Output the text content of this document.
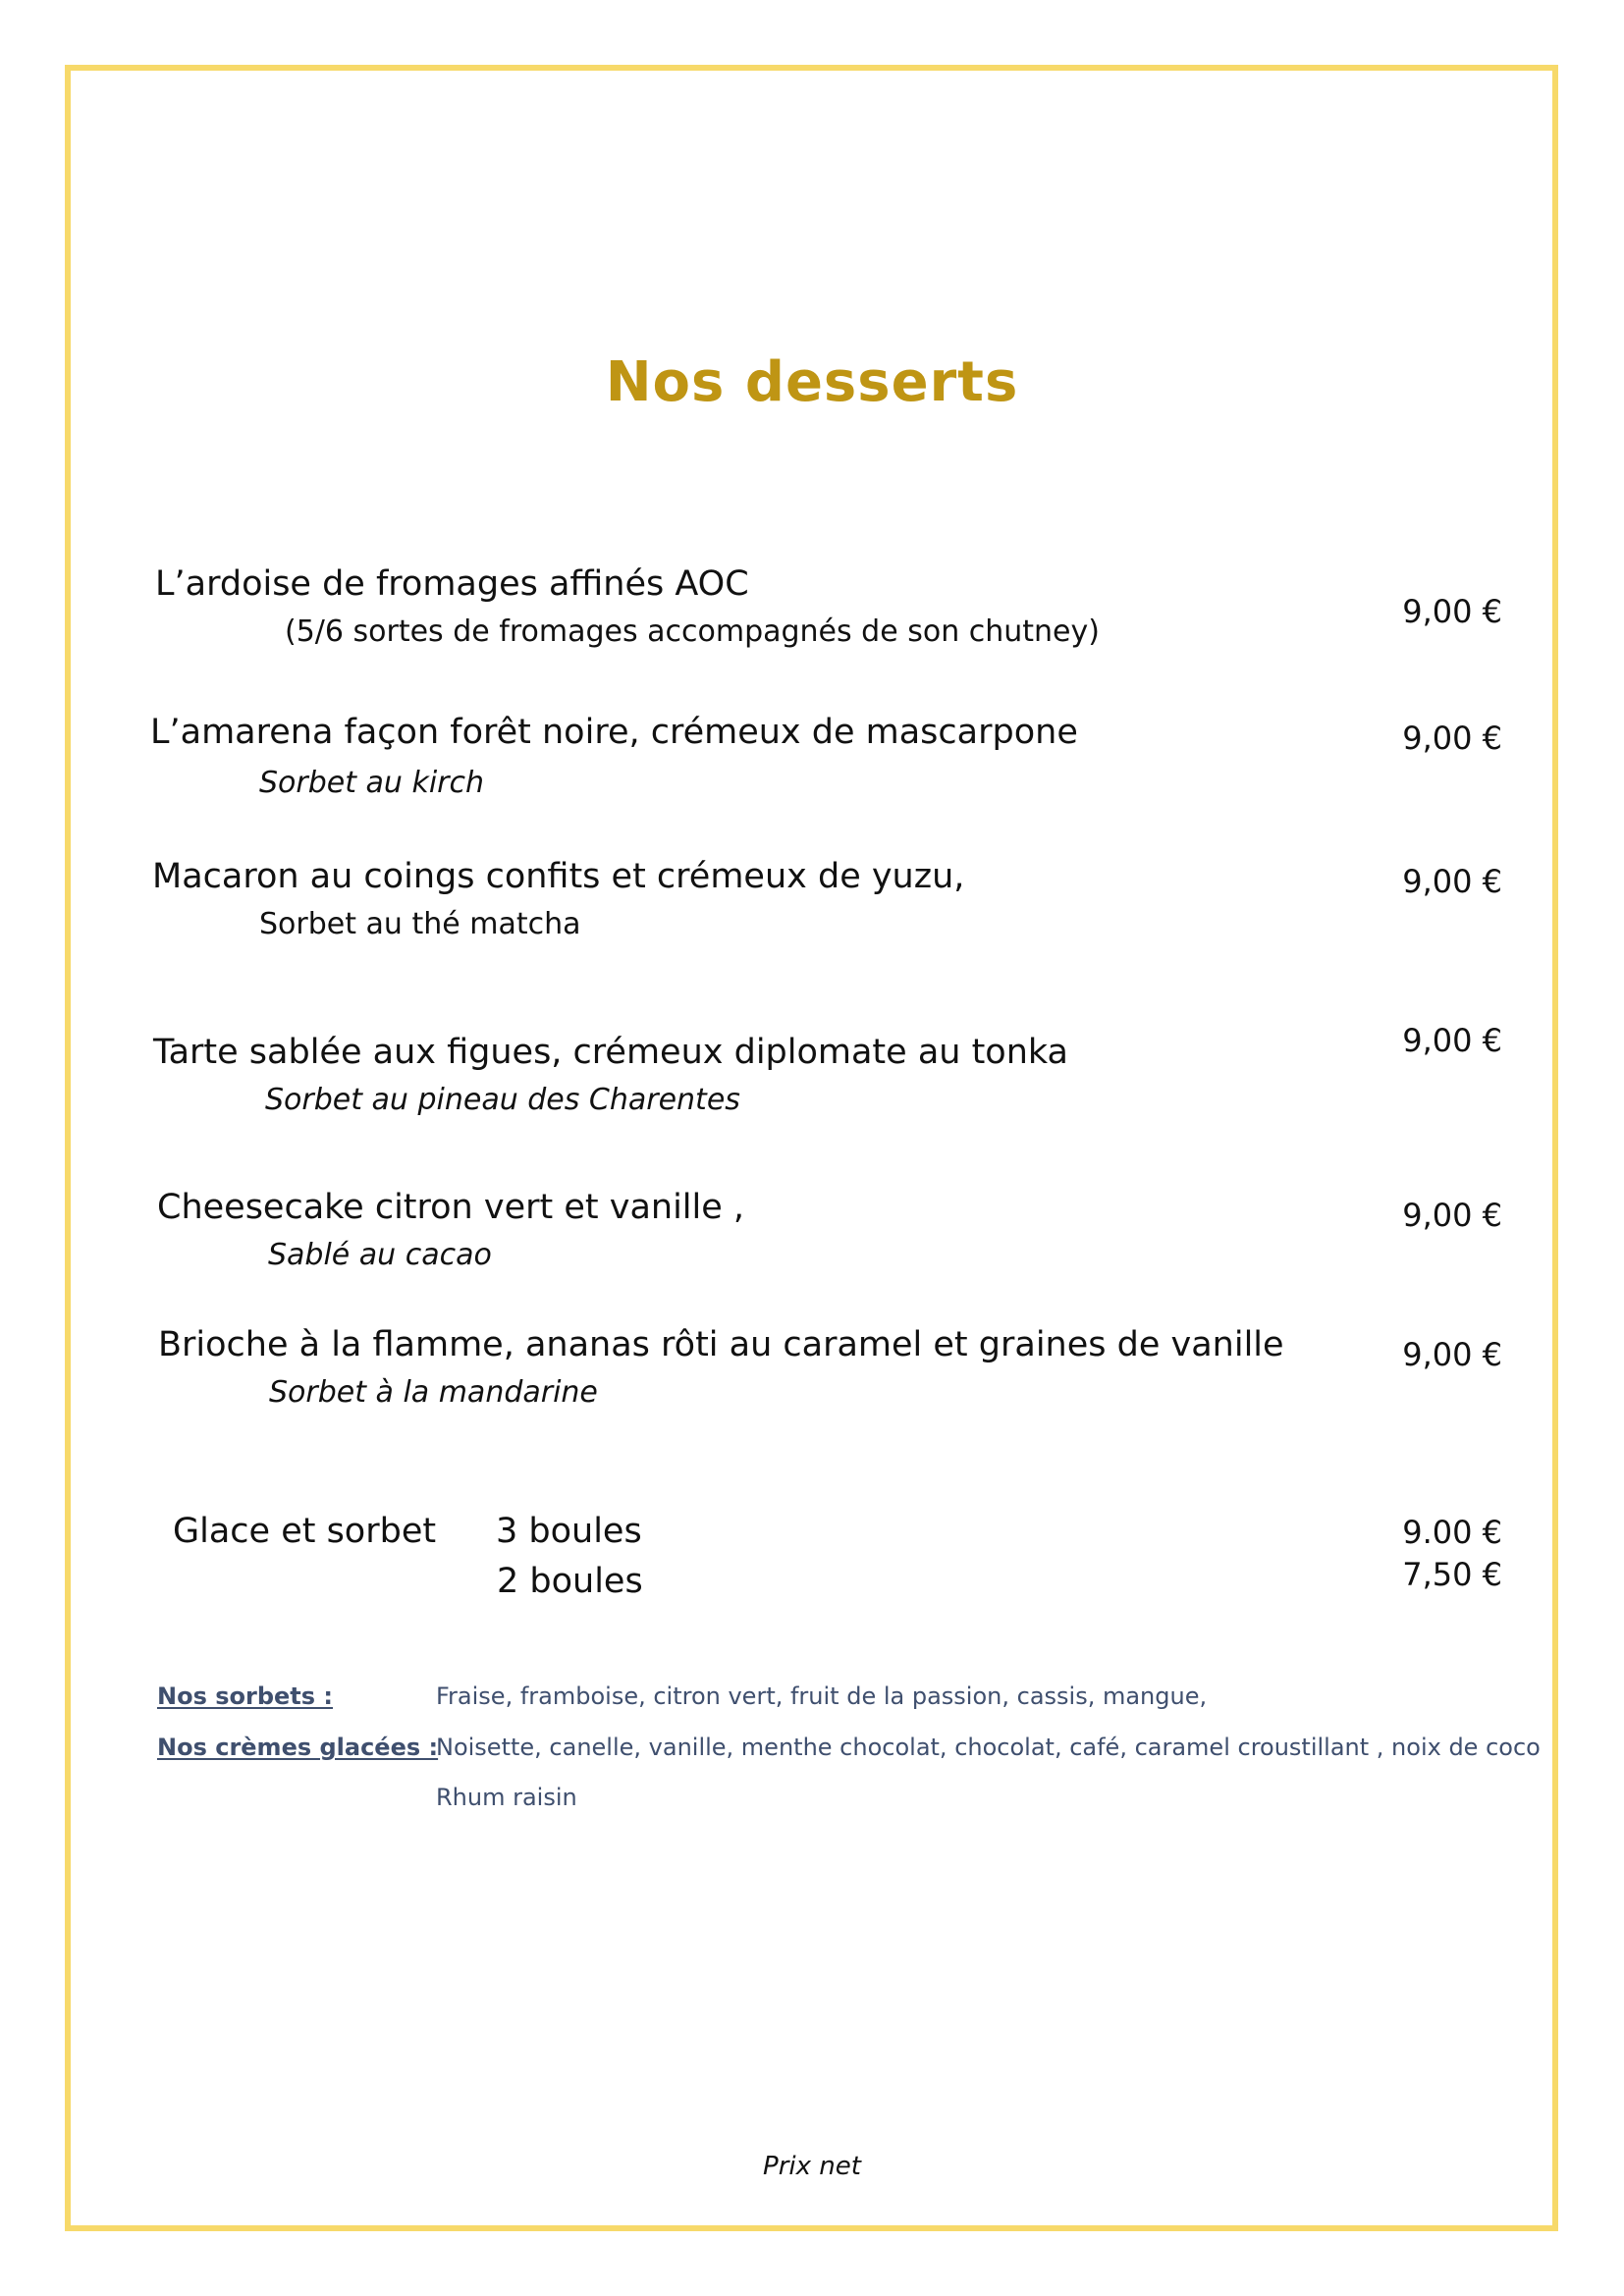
Nos desserts
L’ardoise de fromages affinés AOC
(5/6 sortes de fromages accompagnés de son chutney)
9,00 €
L’amarena façon forêt noire, crémeux de mascarpone
Sorbet au kirch
9,00 €
Macaron au coings confits et crémeux de yuzu,
Sorbet au thé matcha
9,00 €
Tarte sablée aux figues, crémeux diplomate au tonka
Sorbet au pineau des Charentes
9,00 €
Cheesecake citron vert et vanille ,
Sablé au cacao
9,00 €
Brioche à la flamme, ananas rôti au caramel et graines de vanille
Sorbet à la mandarine
9,00 €
Glace et sorbet 3 boules
2 boules
9.00 €
7,50 €
Nos sorbets :	Fraise, framboise, citron vert, fruit de la passion, cassis, mangue,
Nos crèmes glacées :
Noisette, canelle, vanille, menthe chocolat, chocolat, café, caramel croustillant , noix de coco
Rhum raisin
Prix net
